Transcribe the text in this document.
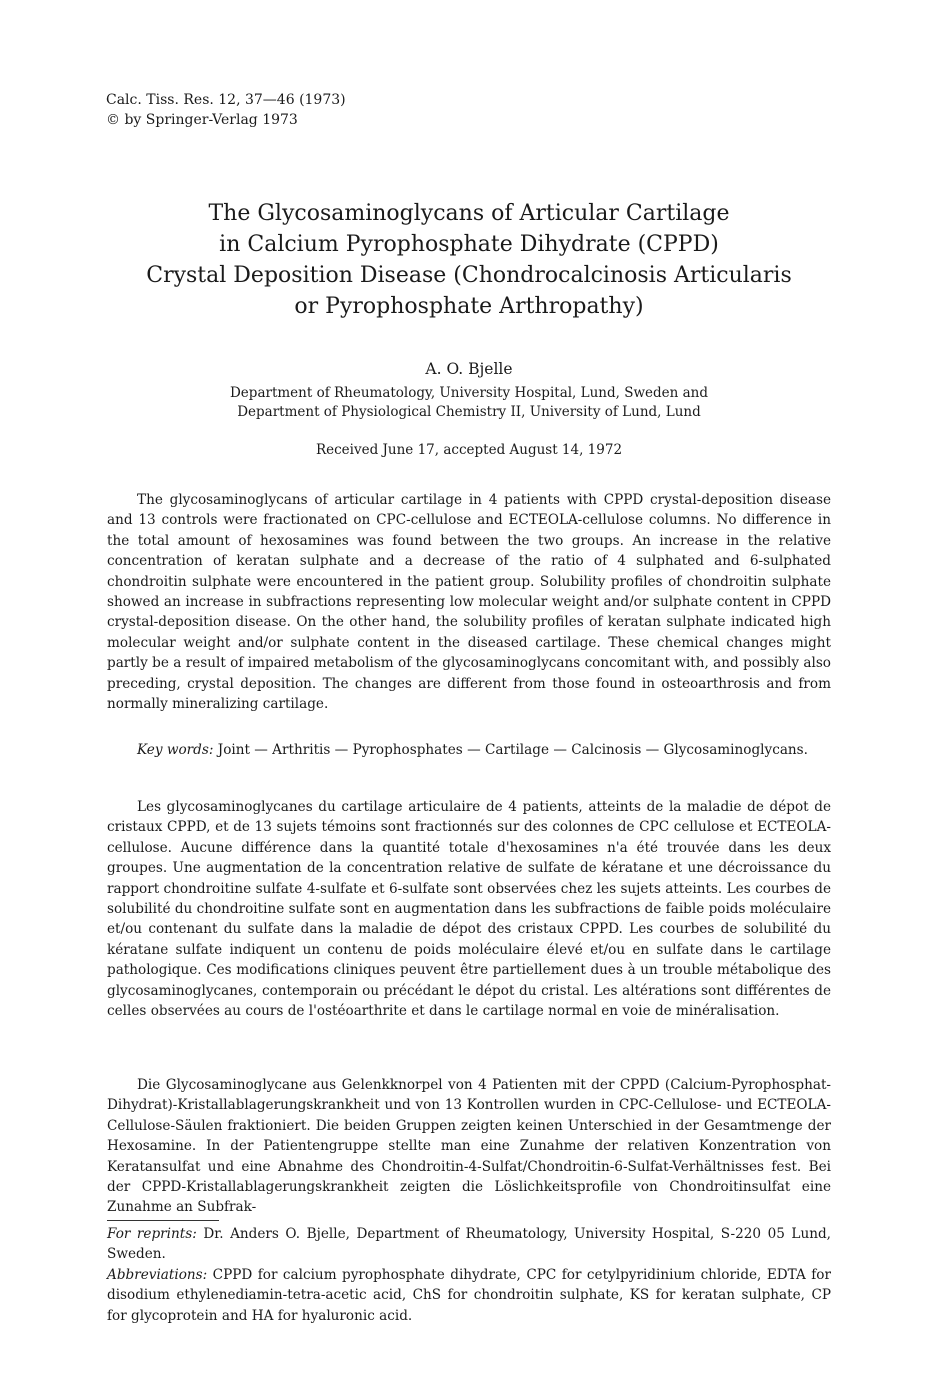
Calc. Tiss. Res. 12, 37—46 (1973)
© by Springer-Verlag 1973
The Glycosaminoglycans of Articular Cartilage
in Calcium Pyrophosphate Dihydrate (CPPD)
Crystal Deposition Disease (Chondrocalcinosis Articularis
or Pyrophosphate Arthropathy)
A. O. Bjelle
Department of Rheumatology, University Hospital, Lund, Sweden and
Department of Physiological Chemistry II, University of Lund, Lund
Received June 17, accepted August 14, 1972

The glycosaminoglycans of articular cartilage in 4 patients with CPPD crystal-deposition disease and 13 controls were fractionated on CPC-cellulose and ECTEOLA-cellulose columns. No difference in the total amount of hexosamines was found between the two groups. An increase in the relative concentration of keratan sulphate and a decrease of the ratio of 4 sulphated and 6-sulphated chondroitin sulphate were encountered in the patient group. Solubility profiles of chondroitin sulphate showed an increase in subfractions representing low molecular weight and/or sulphate content in CPPD crystal-deposition disease. On the other hand, the solubility profiles of keratan sulphate indicated high molecular weight and/or sulphate content in the diseased cartilage. These chemical changes might partly be a result of impaired metabolism of the glycosaminoglycans concomitant with, and possibly also preceding, crystal deposition. The changes are different from those found in osteoarthrosis and from normally mineralizing cartilage.

Key words: Joint — Arthritis — Pyrophosphates — Cartilage — Calcinosis — Glycosaminoglycans.

Les glycosaminoglycanes du cartilage articulaire de 4 patients, atteints de la maladie de dépot de cristaux CPPD, et de 13 sujets témoins sont fractionnés sur des colonnes de CPC cellulose et ECTEOLA-cellulose. Aucune différence dans la quantité totale d'hexosamines n'a été trouvée dans les deux groupes. Une augmentation de la concentration relative de sulfate de kératane et une décroissance du rapport chondroitine sulfate 4-sulfate et 6-sulfate sont observées chez les sujets atteints. Les courbes de solubilité du chondroitine sulfate sont en augmentation dans les subfractions de faible poids moléculaire et/ou contenant du sulfate dans la maladie de dépot des cristaux CPPD. Les courbes de solubilité du kératane sulfate indiquent un contenu de poids moléculaire élevé et/ou en sulfate dans le cartilage pathologique. Ces modifications cliniques peuvent être partiellement dues à un trouble métabolique des glycosaminoglycanes, contemporain ou précédant le dépot du cristal. Les altérations sont différentes de celles observées au cours de l'ostéoarthrite et dans le cartilage normal en voie de minéralisation.

Die Glycosaminoglycane aus Gelenkknorpel von 4 Patienten mit der CPPD (Calcium-Pyrophosphat-Dihydrat)-Kristallablagerungskrankheit und von 13 Kontrollen wurden in CPC-Cellulose- und ECTEOLA-Cellulose-Säulen fraktioniert. Die beiden Gruppen zeigten keinen Unterschied in der Gesamtmenge der Hexosamine. In der Patientengruppe stellte man eine Zunahme der relativen Konzentration von Keratansulfat und eine Abnahme des Chondroitin-4-Sulfat/Chondroitin-6-Sulfat-Verhältnisses fest. Bei der CPPD-Kristallablagerungskrankheit zeigten die Löslichkeitsprofile von Chondroitinsulfat eine Zunahme an Subfrak-

For reprints: Dr. Anders O. Bjelle, Department of Rheumatology, University Hospital, S-220 05 Lund, Sweden.

Abbreviations: CPPD for calcium pyrophosphate dihydrate, CPC for cetylpyridinium chloride, EDTA for disodium ethylenediamin-tetra-acetic acid, ChS for chondroitin sulphate, KS for keratan sulphate, CP for glycoprotein and HA for hyaluronic acid.
